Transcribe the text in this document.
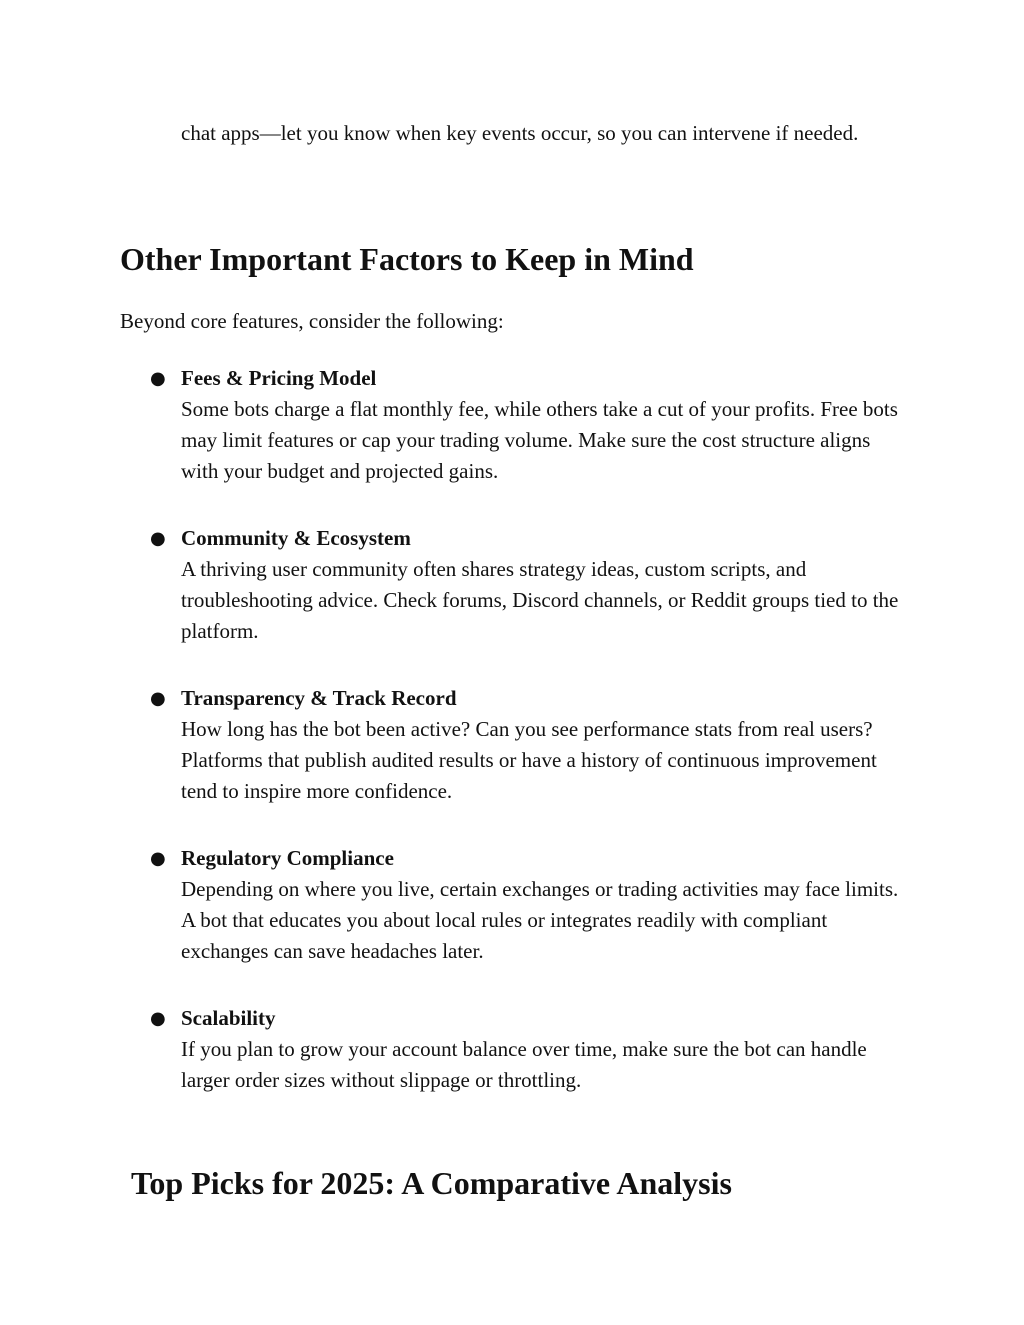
chat apps—let you know when key events occur, so you can intervene if needed.

Other Important Factors to Keep in Mind

Beyond core features, consider the following:

● Fees & Pricing Model
Some bots charge a flat monthly fee, while others take a cut of your profits. Free bots may limit features or cap your trading volume. Make sure the cost structure aligns with your budget and projected gains.
● Community & Ecosystem
A thriving user community often shares strategy ideas, custom scripts, and troubleshooting advice. Check forums, Discord channels, or Reddit groups tied to the platform.
● Transparency & Track Record
How long has the bot been active? Can you see performance stats from real users? Platforms that publish audited results or have a history of continuous improvement tend to inspire more confidence.
● Regulatory Compliance
Depending on where you live, certain exchanges or trading activities may face limits. A bot that educates you about local rules or integrates readily with compliant exchanges can save headaches later.
● Scalability
If you plan to grow your account balance over time, make sure the bot can handle larger order sizes without slippage or throttling.
Top Picks for 2025: A Comparative Analysis
